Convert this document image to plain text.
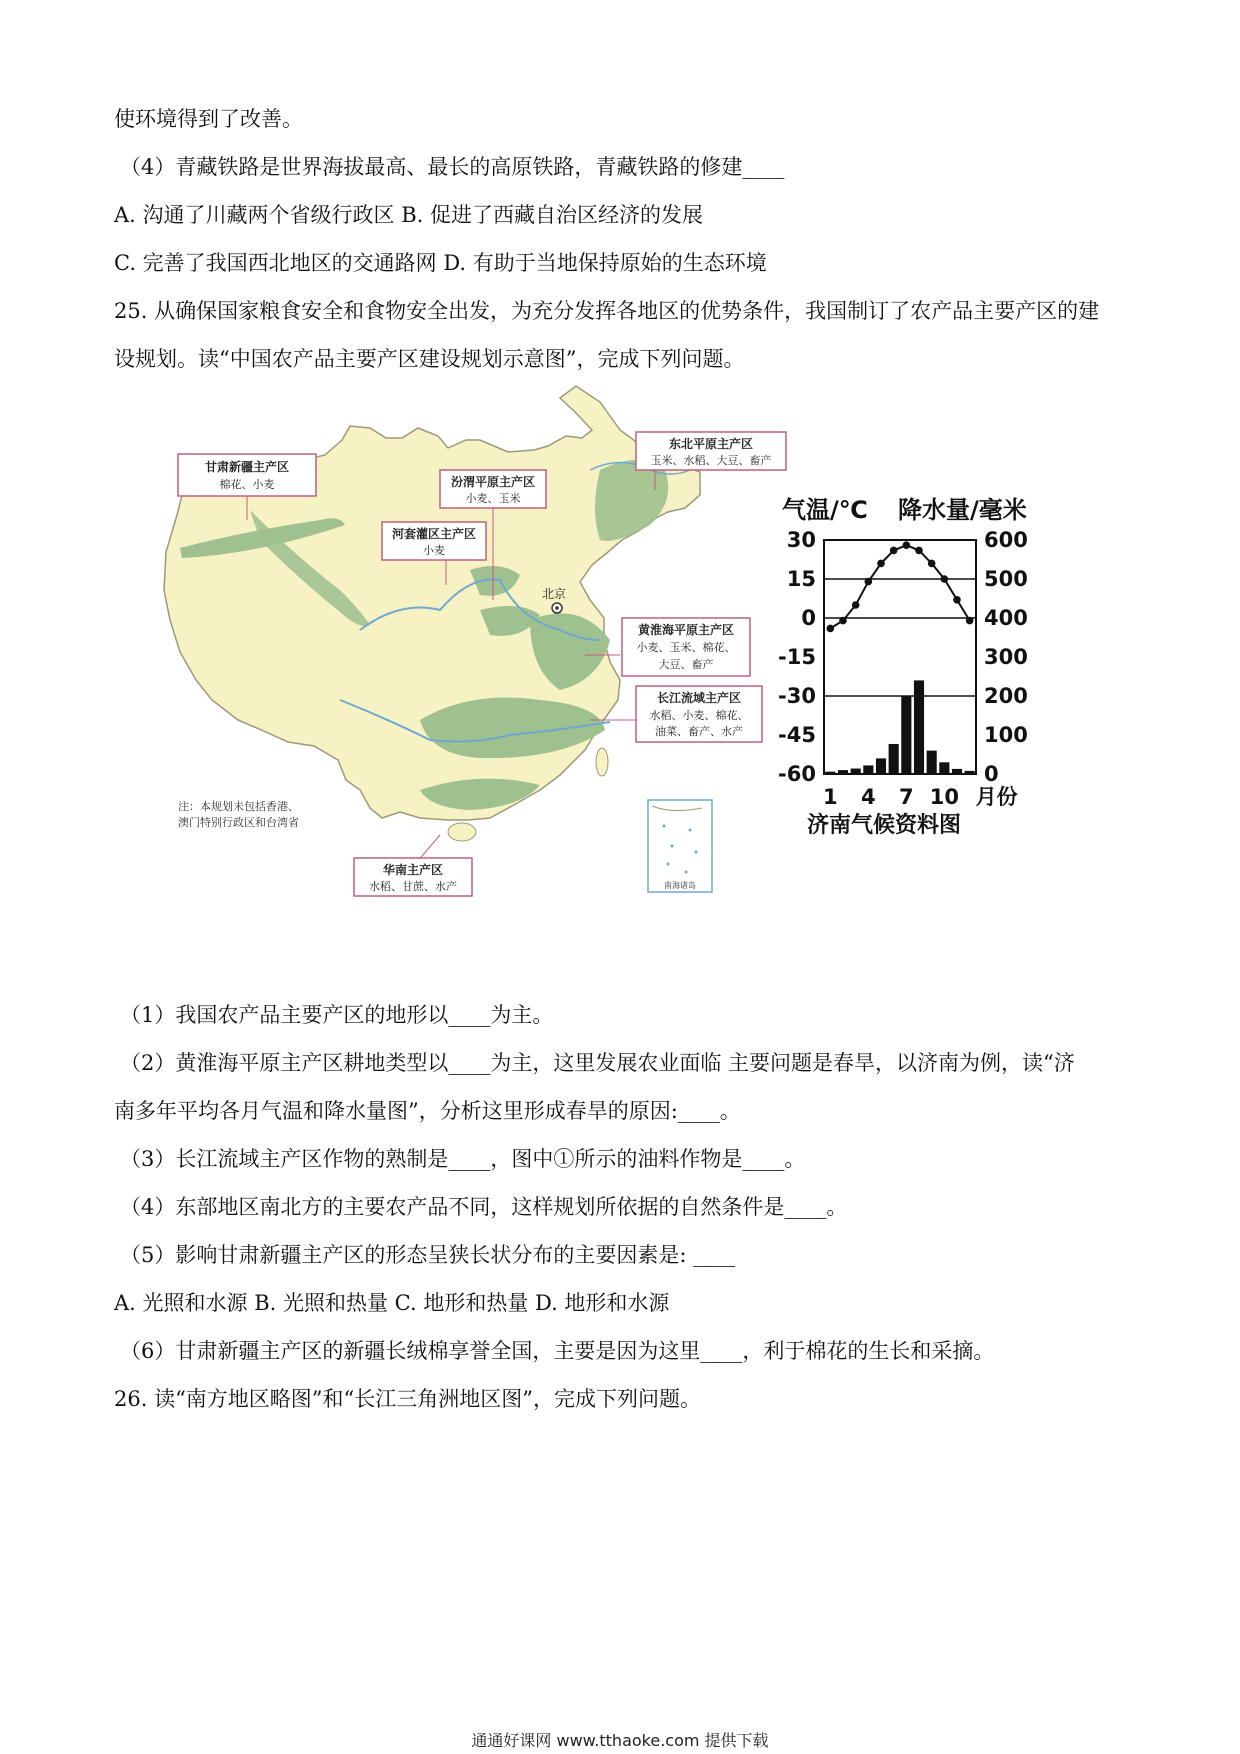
使环境得到了改善。
（4）青藏铁路是世界海拔最高、最长的高原铁路，青藏铁路的修建____
A. 沟通了川藏两个省级行政区 B. 促进了西藏自治区经济的发展
C. 完善了我国西北地区的交通路网 D. 有助于当地保持原始的生态环境
25. 从确保国家粮食安全和食物安全出发，为充分发挥各地区的优势条件，我国制订了农产品主要产区的建
设规划。读“中国农产品主要产区建设规划示意图”，完成下列问题。
北京
甘肃新疆主产区
棉花、小麦	汾渭平原主产区
小麦、玉米
河套灌区主产区
小麦
东北平原主产区
玉米、水稻、大豆、畜产
黄淮海平原主产区
小麦、玉米、棉花、
大豆、畜产
长江流域主产区
水稻、小麦、棉花、
油菜、畜产、水产
华南主产区
水稻、甘蔗、水产
注：本规划未包括香港、
澳门特别行政区和台湾省
南海诸岛
气温/℃ 降水量/毫米
30
15
0
-15
-30
-45
-60
600
500
400
300
200
100
0
1 4 7 10 月份
济南气候资料图
（1）我国农产品主要产区的地形以____为主。
（2）黄淮海平原主产区耕地类型以____为主，这里发展农业面临 主要问题是春旱，以济南为例，读“济
南多年平均各月气温和降水量图”，分析这里形成春旱的原因:____。
（3）长江流域主产区作物的熟制是____，图中①所示的油料作物是____。
（4）东部地区南北方的主要农产品不同，这样规划所依据的自然条件是____。
（5）影响甘肃新疆主产区的形态呈狭长状分布的主要因素是: ____
A. 光照和水源 B. 光照和热量 C. 地形和热量 D. 地形和水源
（6）甘肃新疆主产区的新疆长绒棉享誉全国，主要是因为这里____，利于棉花的生长和采摘。
26. 读“南方地区略图”和“长江三角洲地区图”，完成下列问题。
通通好课网 www.tthaoke.com 提供下载
